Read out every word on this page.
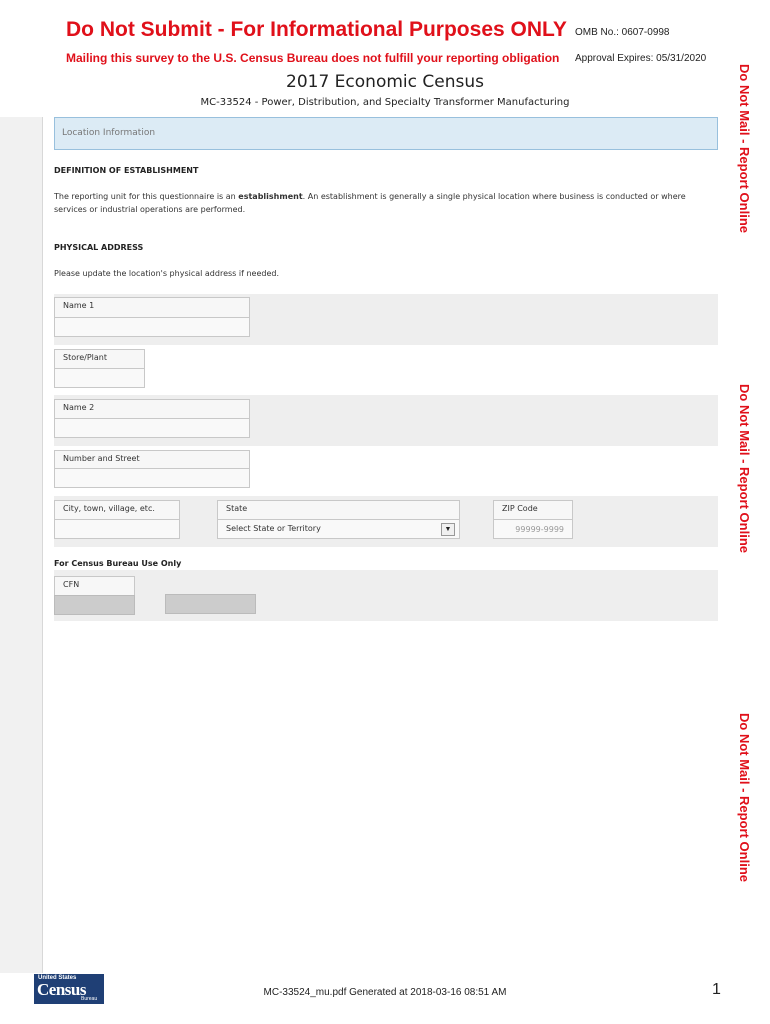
Do Not Submit - For Informational Purposes ONLY
Mailing this survey to the U.S. Census Bureau does not fulfill your reporting obligation
OMB No.: 0607-0998
Approval Expires: 05/31/2020
2017 Economic Census
MC-33524 - Power, Distribution, and Specialty Transformer Manufacturing	Do Not Mail - Report Online
Do Not Mail - Report Online
Do Not Mail - Report Online
Location Information
DEFINITION OF ESTABLISHMENT
The reporting unit for this questionnaire is an establishment. An establishment is generally a single physical location where business is conducted or where services or industrial operations are performed.
PHYSICAL ADDRESS
Please update the location's physical address if needed.
Name 1
Store/Plant
Name 2
Number and Street
City, town, village, etc.	State
Select State or Territory	▼
ZIP Code
99999-9999
For Census Bureau Use Only
CFN
United States
Census
Bureau
MC-33524_mu.pdf Generated at 2018-03-16 08:51 AM	1
